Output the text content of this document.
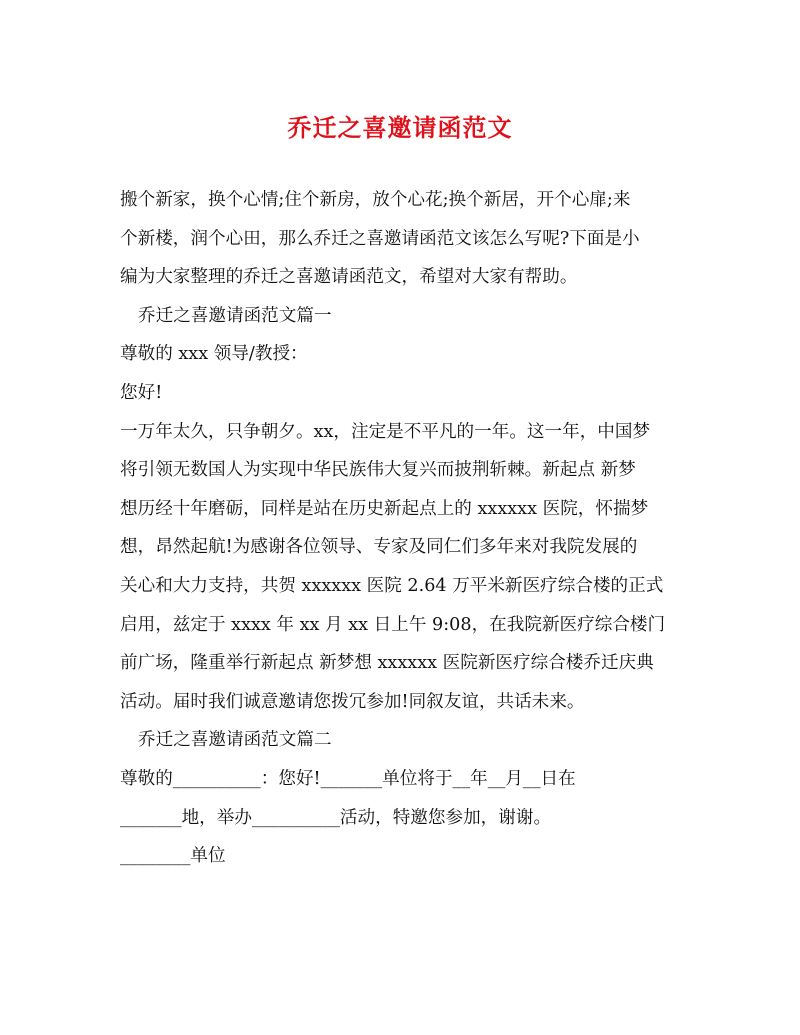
乔迁之喜邀请函范文
搬个新家，换个心情;住个新房，放个心花;换个新居，开个心扉;来
个新楼，润个心田，那么乔迁之喜邀请函范文该怎么写呢?下面是小
编为大家整理的乔迁之喜邀请函范文，希望对大家有帮助。
乔迁之喜邀请函范文篇一
尊敬的 xxx 领导/教授：
您好!
一万年太久，只争朝夕。xx，注定是不平凡的一年。这一年，中国梦
将引领无数国人为实现中华民族伟大复兴而披荆斩棘。新起点 新梦
想历经十年磨砺，同样是站在历史新起点上的 xxxxxx 医院，怀揣梦
想，昂然起航!为感谢各位领导、专家及同仁们多年来对我院发展的
关心和大力支持，共贺 xxxxxx 医院 2.64 万平米新医疗综合楼的正式
启用，兹定于 xxxx 年 xx 月 xx 日上午 9:08，在我院新医疗综合楼门
前广场，隆重举行新起点 新梦想 xxxxxx 医院新医疗综合楼乔迁庆典
活动。届时我们诚意邀请您拨冗参加!同叙友谊，共话未来。
乔迁之喜邀请函范文篇二
尊敬的__________：您好!_______单位将于__年__月__日在
_______地，举办__________活动，特邀您参加，谢谢。
________单位
